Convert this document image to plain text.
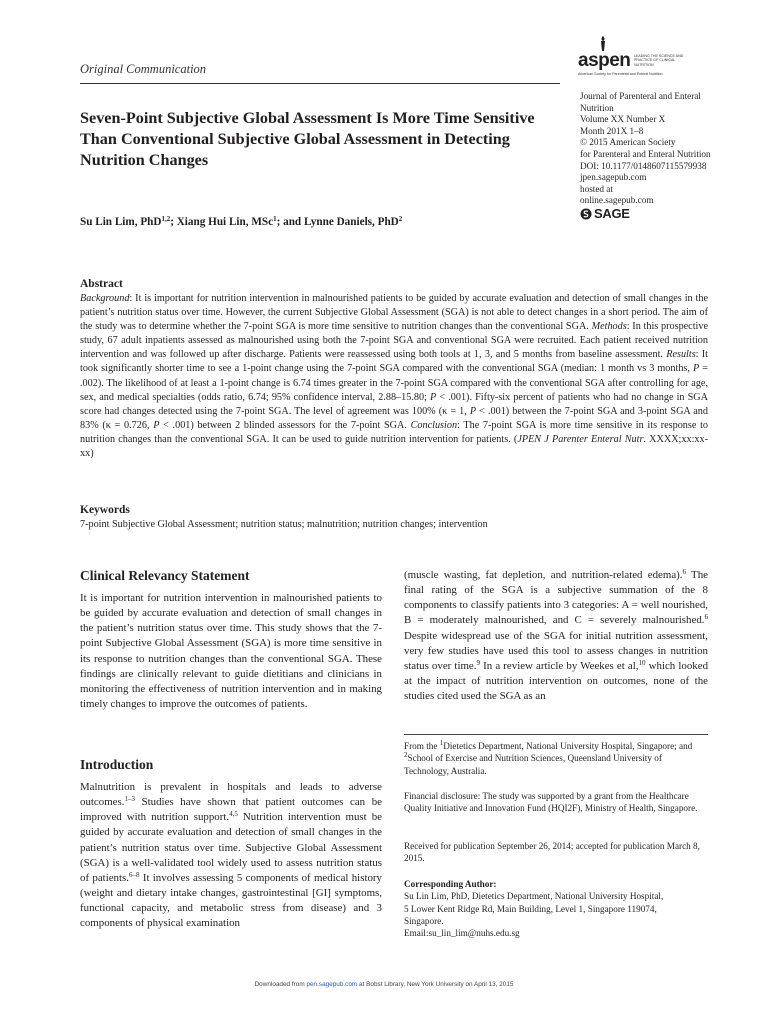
Original Communication	aspen LEADING THE SCIENCE AND PRACTICE OF CLINICAL NUTRITION
American Society for Parenteral and Enteral Nutrition
Journal of Parenteral and Enteral
Nutrition
Volume XX Number X
Month 201X 1–8
© 2015 American Society
for Parenteral and Enteral Nutrition
DOI: 10.1177/0148607115579938
jpen.sagepub.com
hosted at
online.sagepub.com
SAGE
Seven-Point Subjective Global Assessment Is More Time Sensitive Than Conventional Subjective Global Assessment in Detecting Nutrition Changes
Su Lin Lim, PhD$^{1,2}$; Xiang Hui Lin, MSc$^1$; and Lynne Daniels, PhD$^2$
Abstract
Background: It is important for nutrition intervention in malnourished patients to be guided by accurate evaluation and detection of small changes in the patient’s nutrition status over time. However, the current Subjective Global Assessment (SGA) is not able to detect changes in a short period. The aim of the study was to determine whether the 7-point SGA is more time sensitive to nutrition changes than the conventional SGA. Methods: In this prospective study, 67 adult inpatients assessed as malnourished using both the 7-point SGA and conventional SGA were recruited. Each patient received nutrition intervention and was followed up after discharge. Patients were reassessed using both tools at 1, 3, and 5 months from baseline assessment. Results: It took significantly shorter time to see a 1-point change using the 7-point SGA compared with the conventional SGA (median: 1 month vs 3 months, P = .002). The likelihood of at least a 1-point change is 6.74 times greater in the 7-point SGA compared with the conventional SGA after controlling for age, sex, and medical specialties (odds ratio, 6.74; 95% confidence interval, 2.88–15.80; P < .001). Fifty-six percent of patients who had no change in SGA score had changes detected using the 7-point SGA. The level of agreement was 100% (κ = 1, P < .001) between the 7-point SGA and 3-point SGA and 83% (κ = 0.726, P < .001) between 2 blinded assessors for the 7-point SGA. Conclusion: The 7-point SGA is more time sensitive in its response to nutrition changes than the conventional SGA. It can be used to guide nutrition intervention for patients. (JPEN J Parenter Enteral Nutr. XXXX;xx:xx-xx)
Keywords
7-point Subjective Global Assessment; nutrition status; malnutrition; nutrition changes; intervention
Clinical Relevancy Statement
It is important for nutrition intervention in malnourished patients to be guided by accurate evaluation and detection of small changes in the patient’s nutrition status over time. This study shows that the 7-point Subjective Global Assessment (SGA) is more time sensitive in its response to nutrition changes than the conventional SGA. These findings are clinically relevant to guide dietitians and clinicians in monitoring the effectiveness of nutrition intervention and in making timely changes to improve the outcomes of patients.
Introduction
Malnutrition is prevalent in hospitals and leads to adverse outcomes.$^{1-3}$ Studies have shown that patient outcomes can be improved with nutrition support.$^{4,5}$ Nutrition intervention must be guided by accurate evaluation and detection of small changes in the patient’s nutrition status over time. Subjective Global Assessment (SGA) is a well-validated tool widely used to assess nutrition status of patients.$^{6-8}$ It involves assessing 5 components of medical history (weight and dietary intake changes, gastrointestinal [GI] symptoms, functional capacity, and metabolic stress from disease) and 3 components of physical examination
(muscle wasting, fat depletion, and nutrition-related edema).$^6$ The final rating of the SGA is a subjective summation of the 8 components to classify patients into 3 categories: A = well nourished, B = moderately malnourished, and C = severely malnourished.$^6$ Despite widespread use of the SGA for initial nutrition assessment, very few studies have used this tool to assess changes in nutrition status over time.$^9$ In a review article by Weekes et al,$^{10}$ which looked at the impact of nutrition intervention on outcomes, none of the studies cited used the SGA as an
From the $^1$Dietetics Department, National University Hospital, Singapore; and $^2$School of Exercise and Nutrition Sciences, Queensland University of Technology, Australia.
Financial disclosure: The study was supported by a grant from the Healthcare Quality Initiative and Innovation Fund (HQI2F), Ministry of Health, Singapore.
Received for publication September 26, 2014; accepted for publication March 8, 2015.
Corresponding Author:
Su Lin Lim, PhD, Dietetics Department, National University Hospital,
5 Lower Kent Ridge Rd, Main Building, Level 1, Singapore 119074,
Singapore.
Email:su_lin_lim@nuhs.edu.sg
Downloaded from pen.sagepub.com at Bobst Library, New York University on April 13, 2015
